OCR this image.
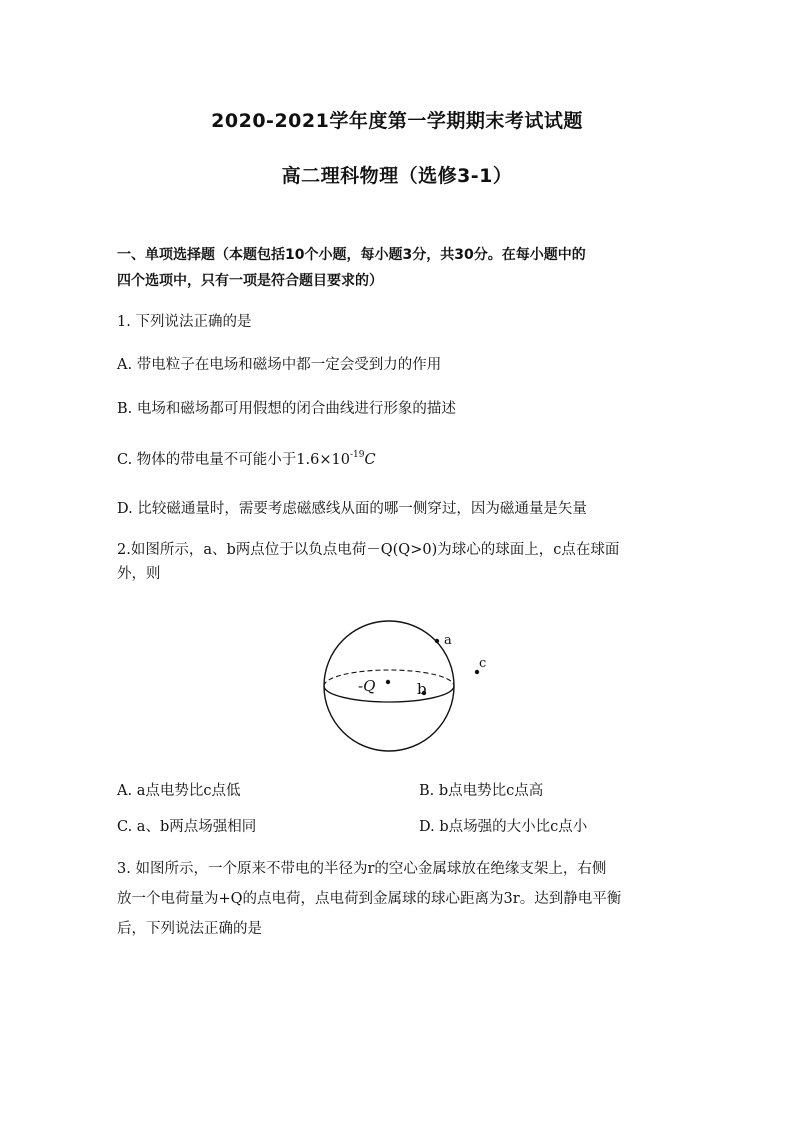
2020-2021学年度第一学期期末考试试题
高二理科物理（选修3-1）
一、单项选择题（本题包括10个小题，每小题3分，共30分。在每小题中的
四个选项中，只有一项是符合题目要求的）
1. 下列说法正确的是
A. 带电粒子在电场和磁场中都一定会受到力的作用
B. 电场和磁场都可用假想的闭合曲线进行形象的描述
C. 物体的带电量不可能小于$1.6\times 10^{-19}C$
D. 比较磁通量时，需要考虑磁感线从面的哪一侧穿过，因为磁通量是矢量
2.如图所示，a、b两点位于以负点电荷－Q(Q>0)为球心的球面上，c点在球面
外，则
-Q
a
b
c
A. a点电势比c点低	B. b点电势比c点高
C. a、b两点场强相同	D. b点场强的大小比c点小
3. 如图所示，一个原来不带电的半径为r的空心金属球放在绝缘支架上，右侧
放一个电荷量为+Q的点电荷，点电荷到金属球的球心距离为3r。达到静电平衡
后，下列说法正确的是
